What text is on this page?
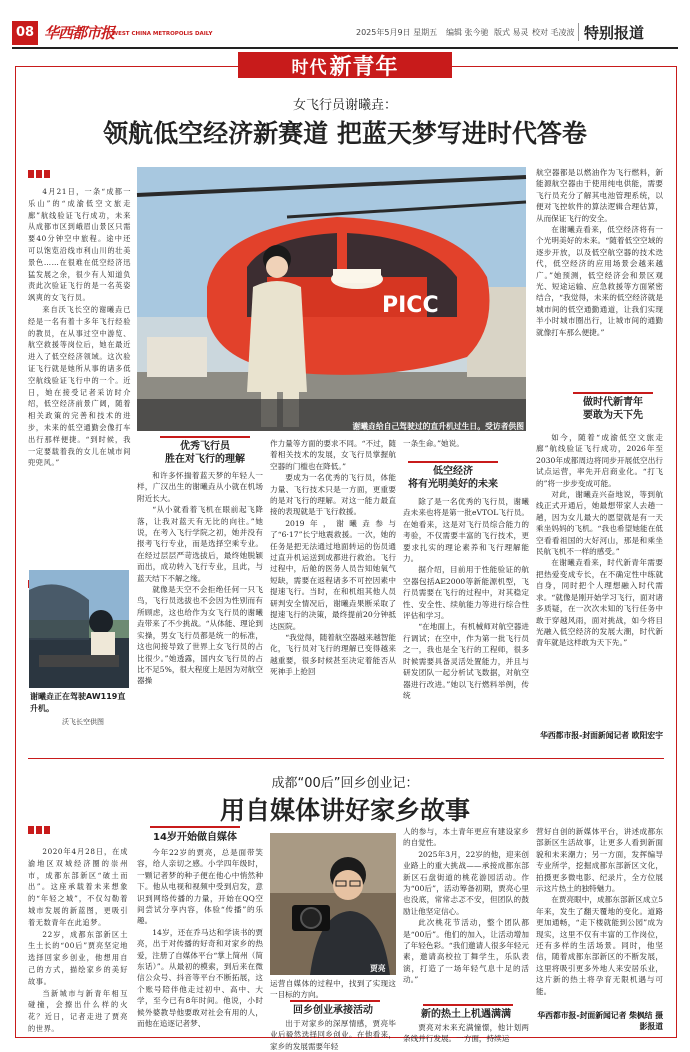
08 华西都市报
WEST CHINA METROPOLIS DAILY	2025年5月9日 星期五 编辑 张今驰 版式 易灵 校对 毛凌波 特别报道
时代 新青年
女飞行员谢曦垚：
领航低空经济新赛道 把蓝天梦写进时代答卷

4月21日，一条“成都一乐山”的“成渝低空文旅走廊”航线验证飞行成功，未来从成都市区到峨眉山景区只需要40分钟空中旅程。途中还可以饱览沿线市利山川的壮美景色……在很难在低空经济迅猛发展之余，很少有人知道负责此次验证飞行的是一名英姿飒爽的女飞行员。

来自沃飞长空的谢曦垚已经是一名有着十多年飞行经验的教员，在从事过空中游览、航空救援等岗位后，她在最近进入了低空经济领域。这次验证飞行就是她所从事的诸多低空航线验证飞行中的一个。近日，她在接受记者采访时介绍，低空经济前景广阔，随着相关政策的完善和技术的进步，未来的低空通勤会像打车出行那样便捷。“到时候，我一定要载着我的女儿在城市间兜兜风。”

谢曦垚正在驾驶AW119直升机。
沃飞长空供图
PICC
谢曦垚给自己驾驶过的直升机过生日。受访者供图
优秀飞行员
胜在对飞行的理解
低空经济
将有光明美好的未来
做时代新青年
要敢为天下先

和许多怀揣着蓝天梦的年轻人一样，广汉出生的谢曦垚从小就在机场附近长大。

“从小就看着飞机在眼前起飞降落，让我对蓝天有无比的向往。”她说，在考入飞行学院之初，她并没有报考飞行专业，而是选择空乘专业。在经过层层严苛选拔后，最终她脱颖而出，成功转入飞行专业，且此，与蓝天结下不解之缘。

就像是天空不会拒绝任何一只飞鸟，飞行员选拔也不会因为性别而有所顾虑，这也给作为女飞行员的谢曦垚带来了不少挑战。“从体能、理论到实操，男女飞行员都是统一的标准，这也间接导致了世界上女飞行员的占比很少。”她透露，国内女飞行员的占比不足5%，很大程度上是因为对航空器操

作力量等方面的要求不同。“不过，随着相关技术的发展，女飞行员掌握航空器的门槛也在降低。”

要成为一名优秀的飞行员，体能力量、飞行技术只是一方面，更重要的是对飞行的理解。对这一能力最直接的表现就是于飞行救援。

2019年，谢曦垚参与了“6·17”长宁地震救援。一次，她的任务是把无法通过地面转运的伤员通过直升机运送到成都进行救治。飞行过程中，后舱的医务人员告知她氧气短缺，需要在返程诸多不可控因素中提速飞行。当时，在和机组其他人员研判安全情况后，谢曦垚果断采取了提速飞行的决策，最终提前20分钟抵达医院。

“我觉得，随着航空器越来越智能化，飞行员对飞行的理解已变得越来越重要，很多时候甚至决定着能否从死神手上抢回

一条生命。”她说。

除了是一名优秀的飞行员，谢曦垚未来也将是第一批eVTOL飞行员。在她看来，这是对飞行员综合能力的考验，不仅需要丰富的飞行技术，更要求扎实的理论素养和飞行理解能力。

据介绍，目前用于性能验证的航空器包括AE2000等新能源机型，飞行员需要在飞行的过程中，对其稳定性、安全性、续航能力等进行综合性评估和学习。

“在地面上，有机械师对航空器进行调试；在空中，作为第一批飞行员之一，我也是全飞行的工程师，很多时候需要具备灵活处置能力，并且与研发团队一起分析试飞数据，对航空器进行改进。”她以飞行燃料举例，传统

航空器都是以燃油作为飞行燃料，新能源航空器由于使用纯电供能，需要飞行员充分了解其电池管理系统，以便对飞控软件的算法逻辑合理估算，从而保证飞行的安全。

在谢曦垚看来，低空经济将有一个光明美好的未来。“随着低空空域的逐步开放，以及低空航空器的技术迭代，低空经济的应用场景会越来越广。”她预测，低空经济会和景区观光、短途运输、应急救援等方面紧密结合，“我觉得，未来的低空经济就是城市间的低空通勤通道，让我们实现半小时城市圈出行，让城市间的通勤就像打车那么便捷。”

如今，随着“成渝低空文旅走廊”航线验证飞行成功，2026年至2030年成都周边将同步开展低空出行试点运营，率先开启商业化。“打飞的”将一步步变成可能。

对此，谢曦垚兴奋地说，等到航线正式开通后，她最想带家人去趟一趟，因为女儿最大的愿望就是有一天乘坐妈妈的飞机。“我也希望她能在低空看看祖国的大好河山，那是和乘坐民航飞机不一样的感受。”

在谢曦垚看来，时代新青年需要把热爱变成专长，在不确定性中练就自身，同时把个人理想融入时代需求。“就像是刚开始学习飞行，面对诸多质疑，在一次次未知的飞行任务中敢于穿越风雨，面对挑战，如今将目光融入低空经济的发展大潮，时代新青年就是这样敢为天下先。”

华西都市报-封面新闻记者 欧阳宏宇
成都“00后”回乡创业记：
用自媒体讲好家乡故事

2020年4月28日，在成渝地区双城经济圈的崇州市，成都东部新区“破土而出”。这座承载着未来想象的“年轻之城”，不仅勾勒着城市发展的新蓝图，更吸引着无数青年在此追梦。

22岁，成都东部新区土生土长的“00后”贾亮坚定地选择回家乡创业，他想用自己的方式，描绘家乡的美好故事。

当新城市与新青年相互碰撞，会擦出什么样的火花？近日，记者走进了贾亮的世界。

14岁开始做自媒体

今年22岁的贾亮，总是面带笑容，给人亲切之感。小学四年级时，一颗记者梦的种子便在他心中悄然种下。他从电视和视频中受到启发，意识到网络传播的力量，开始在QQ空间尝试分享内容，体验“传播”的乐趣。

14岁，还在乔马达和学读书的贾亮，出于对传播的好奇和对家乡的热爱，注册了自媒体平台“掌上简州（简东话）”。从最初的模索，到后来在微信公众号、抖音等平台不断拓展，这个账号陪伴他走过初中、高中、大学，至今已有8年时间。他说，小时候外婆教导他要敢对社会有用的人，而他在追逐记者梦、

贾亮

运营自媒体的过程中，找到了实现这一目标的方向。

回乡创业承接活动

出于对家乡的深厚情感，贾亮毕业后毅然选择回乡创业。在他看来，家乡的发展需要年轻

人的参与，本土青年更应有建设家乡的自觉性。

2025年3月，22岁的他，迎来创业路上的重大挑战——承接成都东部新区石盘街道的桃花游园活动。作为“00后”，活动筹备初期，贾亮心里也没底，常常忐忑不安，但团队的鼓励让他坚定信心。

此次桃花节活动，整个团队都是“00后”。他们的加入，让活动增加了年轻色彩。“我们邀请人很多年轻元素，邀请高校拉丁舞学生，乐队表演，打造了一场年轻气息十足的活动。”

新的热土上机遇满满

贾亮对未来充满憧憬，他计划两条线并行发展。一方面，持续运

营好自创的新媒体平台，讲述成都东部新区生活故事，让更多人看到新面貌和未来潮力；另一方面，发挥编导专业所学，挖掘成都东部新区文化，拍摄更多微电影、纪录片，全方位展示这片热土的独特魅力。

在贾亮眼中，成都东部新区成立5年来，发生了翻天覆地的变化。道路更加通畅，“走下楼就能到公园”成为现实，这里不仅有丰富的工作岗位，还有多样的生活场景。同时，他坚信，随着成都东部新区的不断发展，这里将吸引更多外地人来安居乐业，这片新的热土将孕育无限机遇与可能。

华西都市报-封面新闻记者 柴枫结 摄影报道
